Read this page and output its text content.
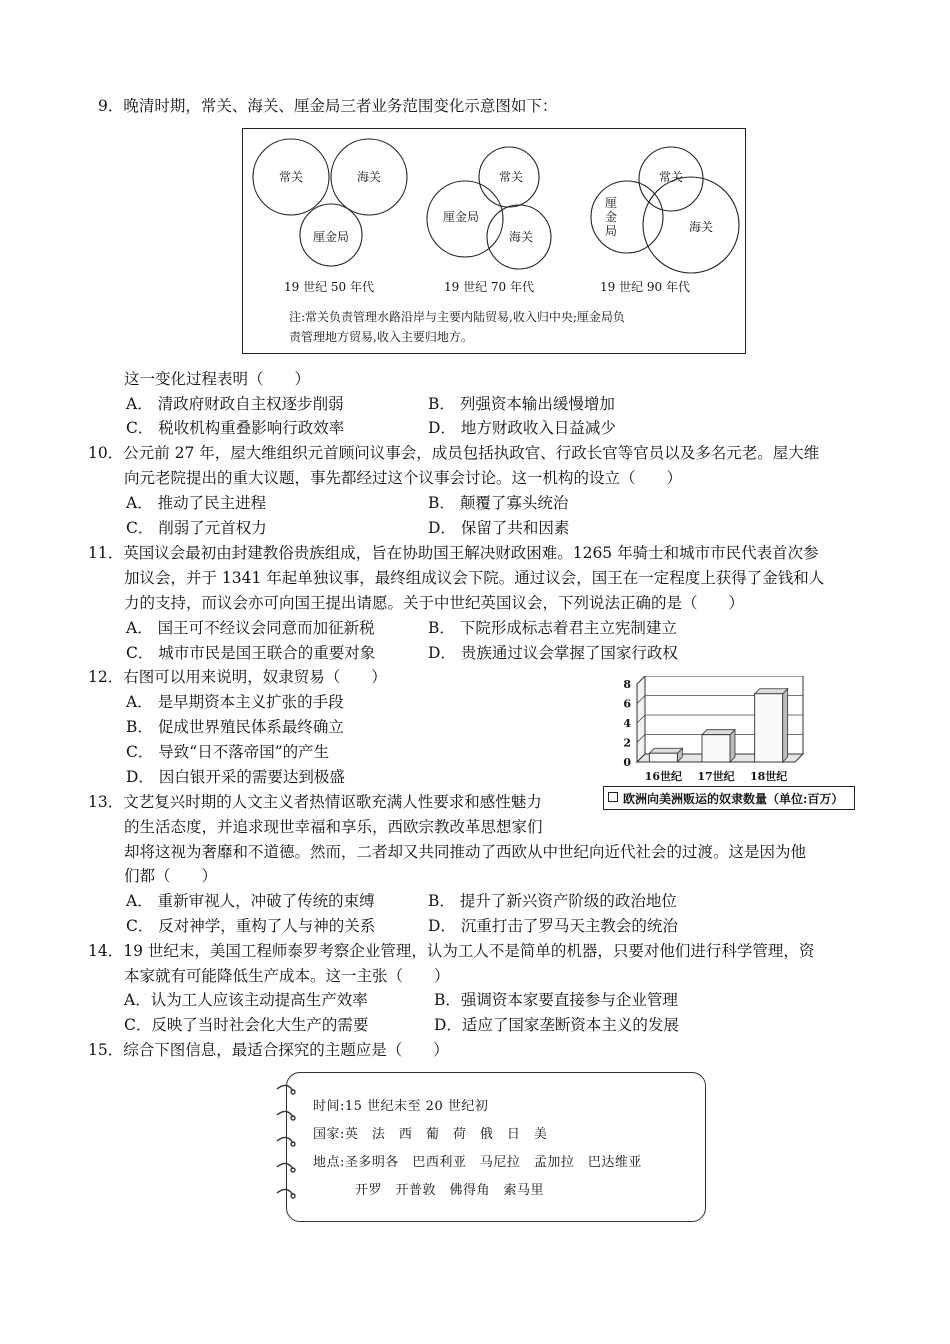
9．晚清时期，常关、海关、厘金局三者业务范围变化示意图如下：
常关	海关
厘金局
常关
厘金局
海关
常关
厘
金
局	海关
19 世纪 50 年代	19 世纪 70 年代	19 世纪 90 年代
注:常关负责管理水路沿岸与主要内陆贸易,收入归中央;厘金局负
责管理地方贸易,收入主要归地方。
这一变化过程表明（　　）
A． 清政府财政自主权逐步削弱	B． 列强资本输出缓慢增加
C． 税收机构重叠影响行政效率	D． 地方财政收入日益减少
10．公元前 27 年，屋大维组织元首顾问议事会，成员包括执政官、行政长官等官员以及多名元老。屋大维
向元老院提出的重大议题，事先都经过这个议事会讨论。这一机构的设立（　　）
A． 推动了民主进程	B． 颠覆了寡头统治
C． 削弱了元首权力	D． 保留了共和因素
11．英国议会最初由封建教俗贵族组成，旨在协助国王解决财政困难。1265 年骑士和城市市民代表首次参
加议会，并于 1341 年起单独议事，最终组成议会下院。通过议会，国王在一定程度上获得了金钱和人
力的支持，而议会亦可向国王提出请愿。关于中世纪英国议会，下列说法正确的是（　　）
A． 国王可不经议会同意而加征新税	B． 下院形成标志着君主立宪制建立
C． 城市市民是国王联合的重要对象	D． 贵族通过议会掌握了国家行政权
12．右图可以用来说明，奴隶贸易（　　）
A． 是早期资本主义扩张的手段
B． 促成世界殖民体系最终确立
C． 导致“日不落帝国”的产生
D． 因白银开采的需要达到极盛
0
2
4
6
8
16世纪 17世纪 18世纪
欧洲向美洲贩运的奴隶数量（单位:百万）
13．文艺复兴时期的人文主义者热情讴歌充满人性要求和感性魅力
的生活态度，并追求现世幸福和享乐，西欧宗教改革思想家们
却将这视为奢靡和不道德。然而，二者却又共同推动了西欧从中世纪向近代社会的过渡。这是因为他
们都（　　）
A． 重新审视人，冲破了传统的束缚	B． 提升了新兴资产阶级的政治地位
C． 反对神学，重构了人与神的关系	D． 沉重打击了罗马天主教会的统治
14．19 世纪末，美国工程师泰罗考察企业管理，认为工人不是简单的机器，只要对他们进行科学管理，资
本家就有可能降低生产成本。这一主张（　　）
A．认为工人应该主动提高生产效率	B．强调资本家要直接参与企业管理
C．反映了当时社会化大生产的需要	D．适应了国家垄断资本主义的发展
15．综合下图信息，最适合探究的主题应是（　　）
时间:15 世纪末至 20 世纪初
国家:英　法　西　葡　荷　俄　日　美
地点:圣多明各　巴西利亚　马尼拉　孟加拉　巴达维亚
开罗　开普敦　佛得角　索马里
